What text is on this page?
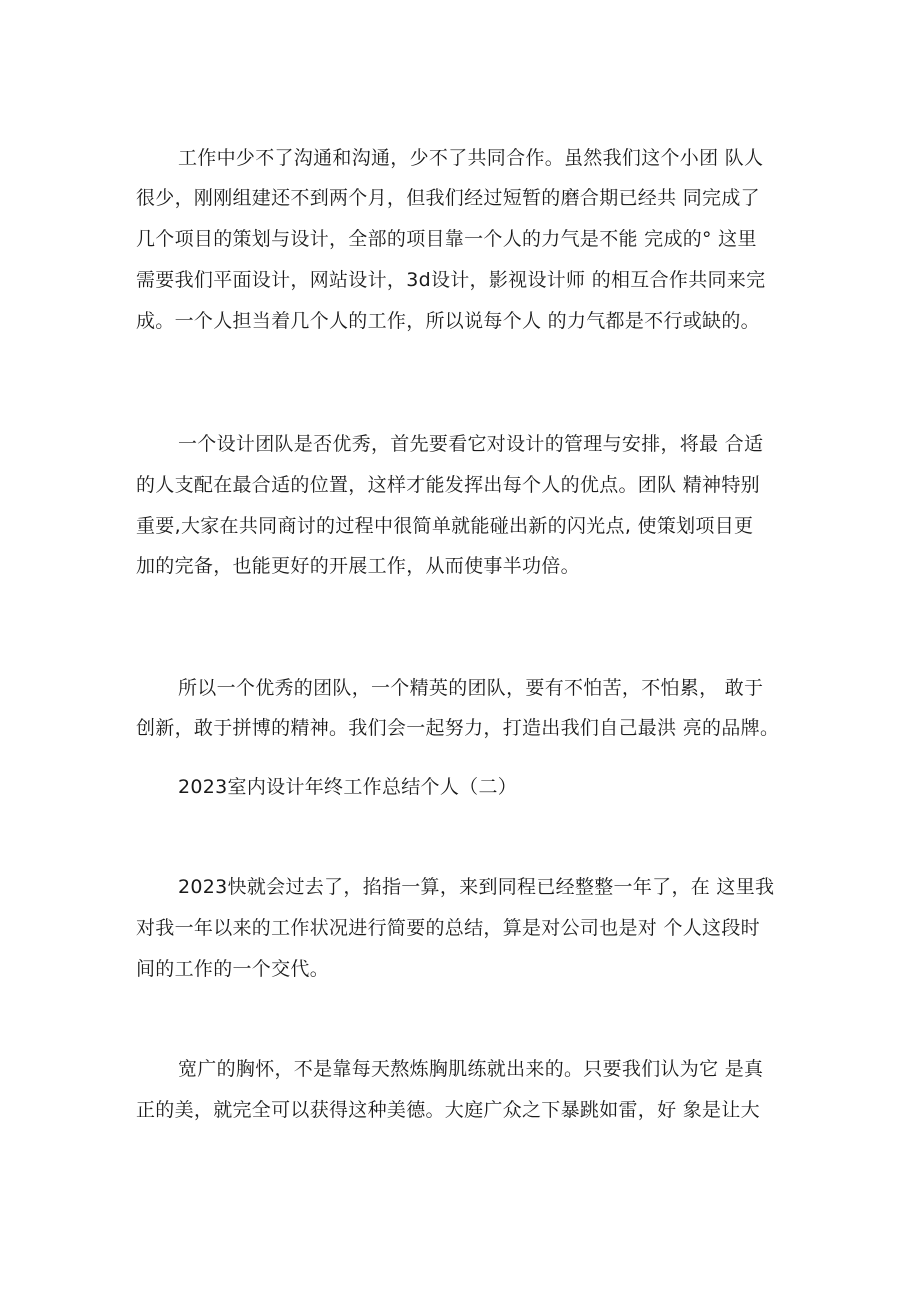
工作中少不了沟通和沟通，少不了共同合作。虽然我们这个小团 队人

很少，刚刚组建还不到两个月，但我们经过短暂的磨合期已经共 同完成了

几个项目的策划与设计，全部的项目靠一个人的力气是不能 完成的° 这里

需要我们平面设计，网站设计，3d设计，影视设计师 的相互合作共同来完

成。一个人担当着几个人的工作，所以说每个人 的力气都是不行或缺的。

一个设计团队是否优秀，首先要看它对设计的管理与安排，将最 合适

的人支配在最合适的位置，这样才能发挥出每个人的优点。团队 精神特别

重要,大家在共同商讨的过程中很简单就能碰出新的闪光点, 使策划项目更

加的完备，也能更好的开展工作，从而使事半功倍。

所以一个优秀的团队，一个精英的团队，要有不怕苦，不怕累， 敢于

创新，敢于拼博的精神。我们会一起努力，打造出我们自己最洪 亮的品牌。

2023室内设计年终工作总结个人（二）

2023快就会过去了，掐指一算，来到同程已经整整一年了，在 这里我

对我一年以来的工作状况进行简要的总结，算是对公司也是对 个人这段时

间的工作的一个交代。

宽广的胸怀，不是靠每天熬炼胸肌练就出来的。只要我们认为它 是真

正的美，就完全可以获得这种美德。大庭广众之下暴跳如雷，好 象是让大
